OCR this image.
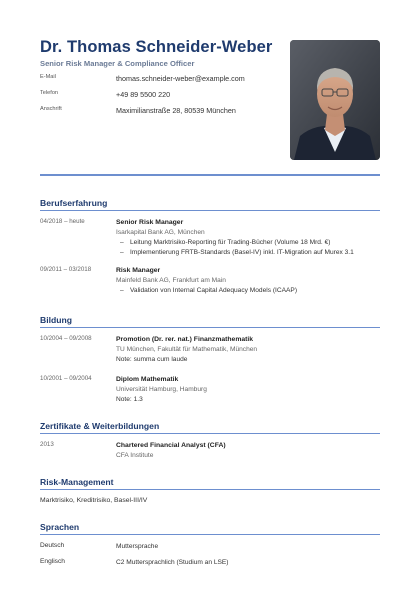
Dr. Thomas Schneider-Weber
Senior Risk Manager & Compliance Officer
E-Mail	thomas.schneider-weber@example.com
Telefon	+49 89 5500 220
Anschrift	Maximilianstraße 28, 80539 München
Berufserfahrung
04/2018 – heute	Senior Risk Manager
Isarkapital Bank AG, München
– Leitung Marktrisiko-Reporting für Trading-Bücher (Volume 18 Mrd. €)
– Implementierung FRTB-Standards (Basel-IV) inkl. IT-Migration auf Murex 3.1
09/2011 – 03/2018	Risk Manager
Mainfeld Bank AG, Frankfurt am Main
– Validation von Internal Capital Adequacy Models (ICAAP)
Bildung
10/2004 – 09/2008	Promotion (Dr. rer. nat.) Finanzmathematik
TU München, Fakultät für Mathematik, München
Note: summa cum laude
10/2001 – 09/2004	Diplom Mathematik
Universität Hamburg, Hamburg
Note: 1.3
Zertifikate & Weiterbildungen
2013	Chartered Financial Analyst (CFA)
CFA Institute
Risk-Management
Marktrisiko, Kreditrisiko, Basel-III/IV
Sprachen
Deutsch	Muttersprache
Englisch	C2 Muttersprachlich (Studium an LSE)
